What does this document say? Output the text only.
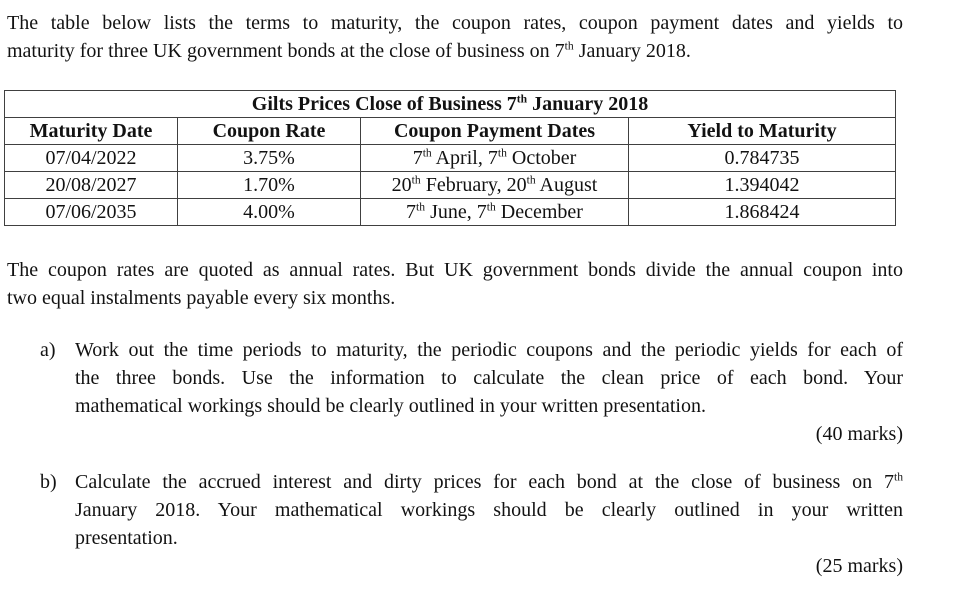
The table below lists the terms to maturity, the coupon rates, coupon payment dates and yields to
maturity for three UK government bonds at the close of business on 7th January 2018.
Gilts Prices Close of Business 7th January 2018			
Maturity Date	Coupon Rate	Coupon Payment Dates	Yield to Maturity
07/04/2022	3.75%	7th April, 7th October	0.784735
20/08/2027	1.70%	20th February, 20th August	1.394042
07/06/2035	4.00%	7th June, 7th December	1.868424
The coupon rates are quoted as annual rates. But UK government bonds divide the annual coupon into
two equal instalments payable every six months.
a) Work out the time periods to maturity, the periodic coupons and the periodic yields for each of
the three bonds. Use the information to calculate the clean price of each bond. Your
mathematical workings should be clearly outlined in your written presentation.
(40 marks)
b) Calculate the accrued interest and dirty prices for each bond at the close of business on 7th
January 2018. Your mathematical workings should be clearly outlined in your written
presentation.
(25 marks)
